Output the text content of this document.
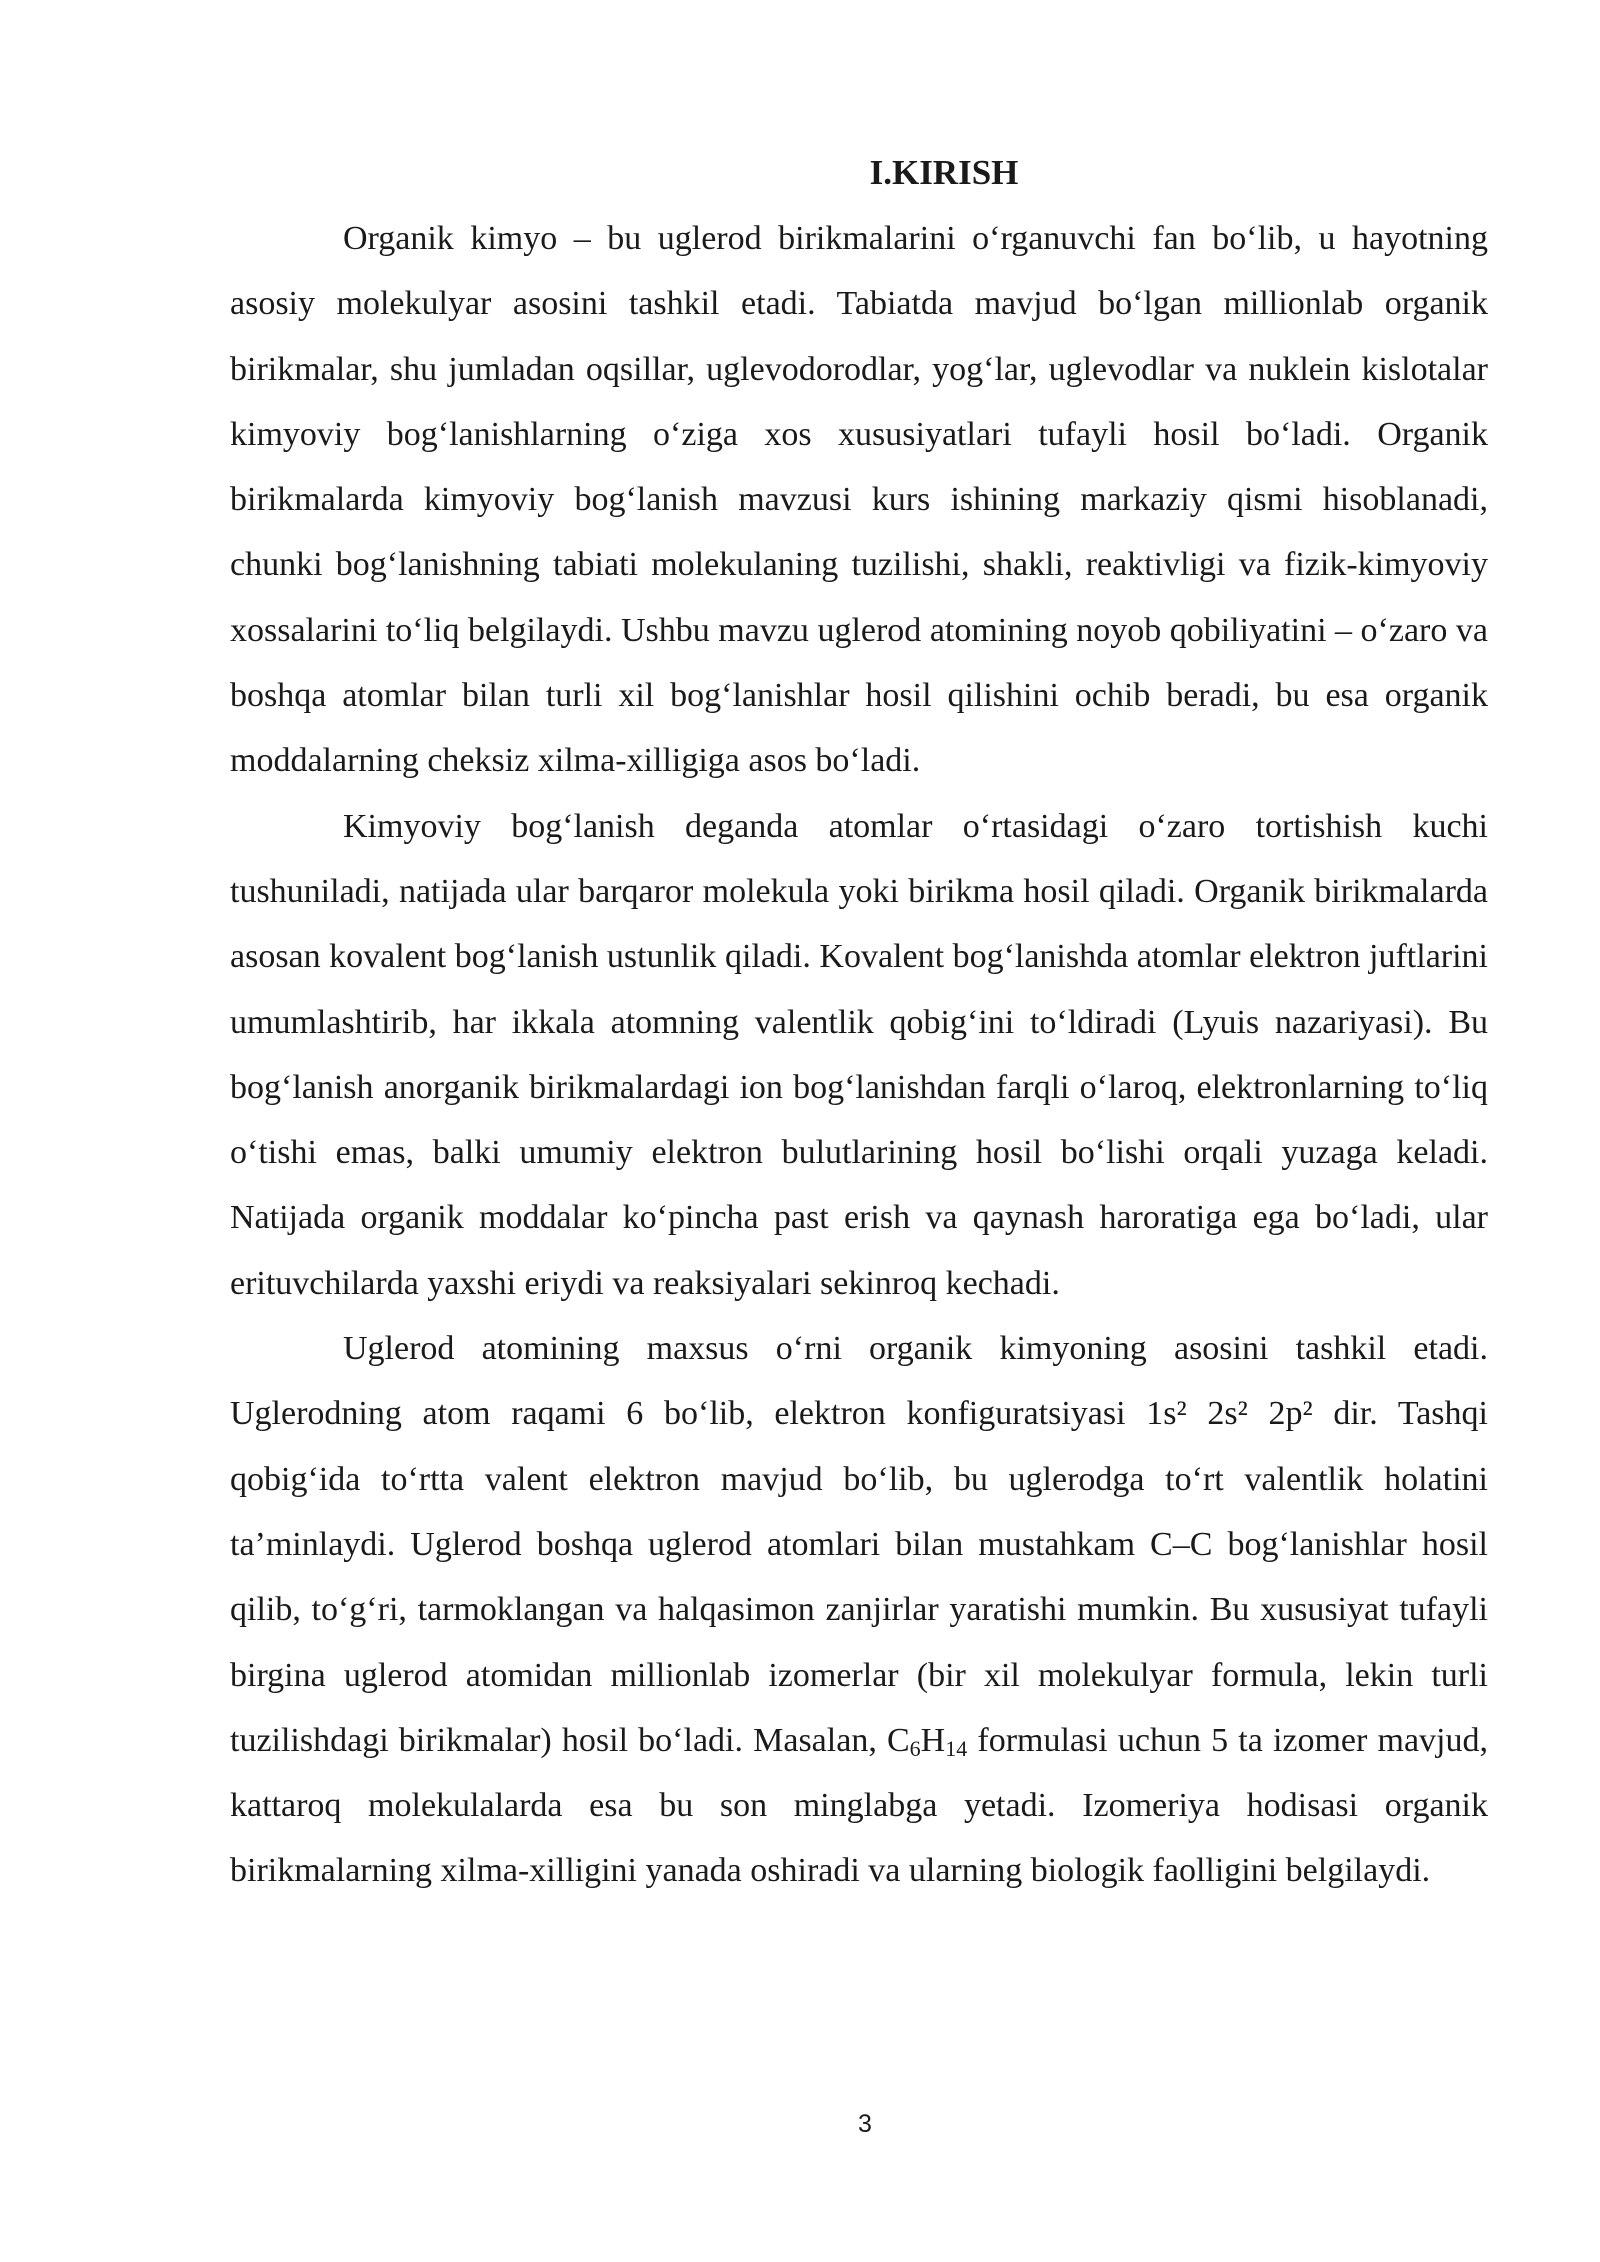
I.KIRISH

Organik kimyo – bu uglerod birikmalarini o‘rganuvchi fan bo‘lib, u hayotning asosiy molekulyar asosini tashkil etadi. Tabiatda mavjud bo‘lgan millionlab organik birikmalar, shu jumladan oqsillar, uglevodorodlar, yog‘lar, uglevodlar va nuklein kislotalar kimyoviy bog‘lanishlarning o‘ziga xos xususiyatlari tufayli hosil bo‘ladi. Organik birikmalarda kimyoviy bog‘lanish mavzusi kurs ishining markaziy qismi hisoblanadi, chunki bog‘lanishning tabiati molekulaning tuzilishi, shakli, reaktivligi va fizik-kimyoviy xossalarini to‘liq belgilaydi. Ushbu mavzu uglerod atomining noyob qobiliyatini – o‘zaro va boshqa atomlar bilan turli xil bog‘lanishlar hosil qilishini ochib beradi, bu esa organik moddalarning cheksiz xilma-xilligiga asos bo‘ladi.

Kimyoviy bog‘lanish deganda atomlar o‘rtasidagi o‘zaro tortishish kuchi tushuniladi, natijada ular barqaror molekula yoki birikma hosil qiladi. Organik birikmalarda asosan kovalent bog‘lanish ustunlik qiladi. Kovalent bog‘lanishda atomlar elektron juftlarini umumlashtirib, har ikkala atomning valentlik qobig‘ini to‘ldiradi (Lyuis nazariyasi). Bu bog‘lanish anorganik birikmalardagi ion bog‘lanishdan farqli o‘laroq, elektronlarning to‘liq o‘tishi emas, balki umumiy elektron bulutlarining hosil bo‘lishi orqali yuzaga keladi. Natijada organik moddalar ko‘pincha past erish va qaynash haroratiga ega bo‘ladi, ular erituvchilarda yaxshi eriydi va reaksiyalari sekinroq kechadi.

Uglerod atomining maxsus o‘rni organik kimyoning asosini tashkil etadi. Uglerodning atom raqami 6 bo‘lib, elektron konfiguratsiyasi 1s² 2s² 2p² dir. Tashqi qobig‘ida to‘rtta valent elektron mavjud bo‘lib, bu uglerodga to‘rt valentlik holatini ta’minlaydi. Uglerod boshqa uglerod atomlari bilan mustahkam C–C bog‘lanishlar hosil qilib, to‘g‘ri, tarmoklangan va halqasimon zanjirlar yaratishi mumkin. Bu xususiyat tufayli birgina uglerod atomidan millionlab izomerlar (bir xil molekulyar formula, lekin turli tuzilishdagi birikmalar) hosil bo‘ladi. Masalan, $C_6H_{14}$ formulasi uchun 5 ta izomer mavjud, kattaroq molekulalarda esa bu son minglabga yetadi. Izomeriya hodisasi organik birikmalarning xilma-xilligini yanada oshiradi va ularning biologik faolligini belgilaydi.

3
